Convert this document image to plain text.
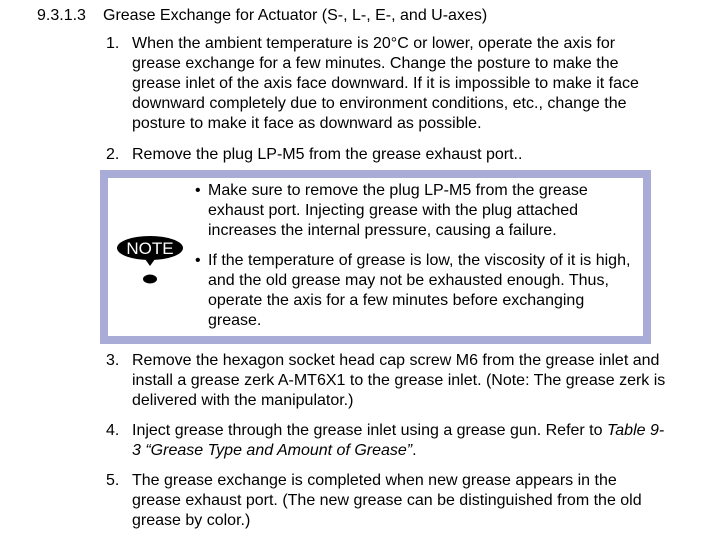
9.3.1.3 Grease Exchange for Actuator (S-, L-, E-, and U-axes)
1. When the ambient temperature is 20°C or lower, operate the axis for grease exchange for a few minutes. Change the posture to make the grease inlet of the axis face downward. If it is impossible to make it face downward completely due to environment conditions, etc., change the posture to make it face as downward as possible.
2. Remove the plug LP-M5 from the grease exhaust port..
NOTE
• Make sure to remove the plug LP-M5 from the grease exhaust port. Injecting grease with the plug attached increases the internal pressure, causing a failure.
• If the temperature of grease is low, the viscosity of it is high, and the old grease may not be exhausted enough. Thus, operate the axis for a few minutes before exchanging grease.
3. Remove the hexagon socket head cap screw M6 from the grease inlet and install a grease zerk A-MT6X1 to the grease inlet. (Note: The grease zerk is delivered with the manipulator.)
4. Inject grease through the grease inlet using a grease gun. Refer to Table 9-3 “Grease Type and Amount of Grease”.
5. The grease exchange is completed when new grease appears in the grease exhaust port. (The new grease can be distinguished from the old grease by color.)
